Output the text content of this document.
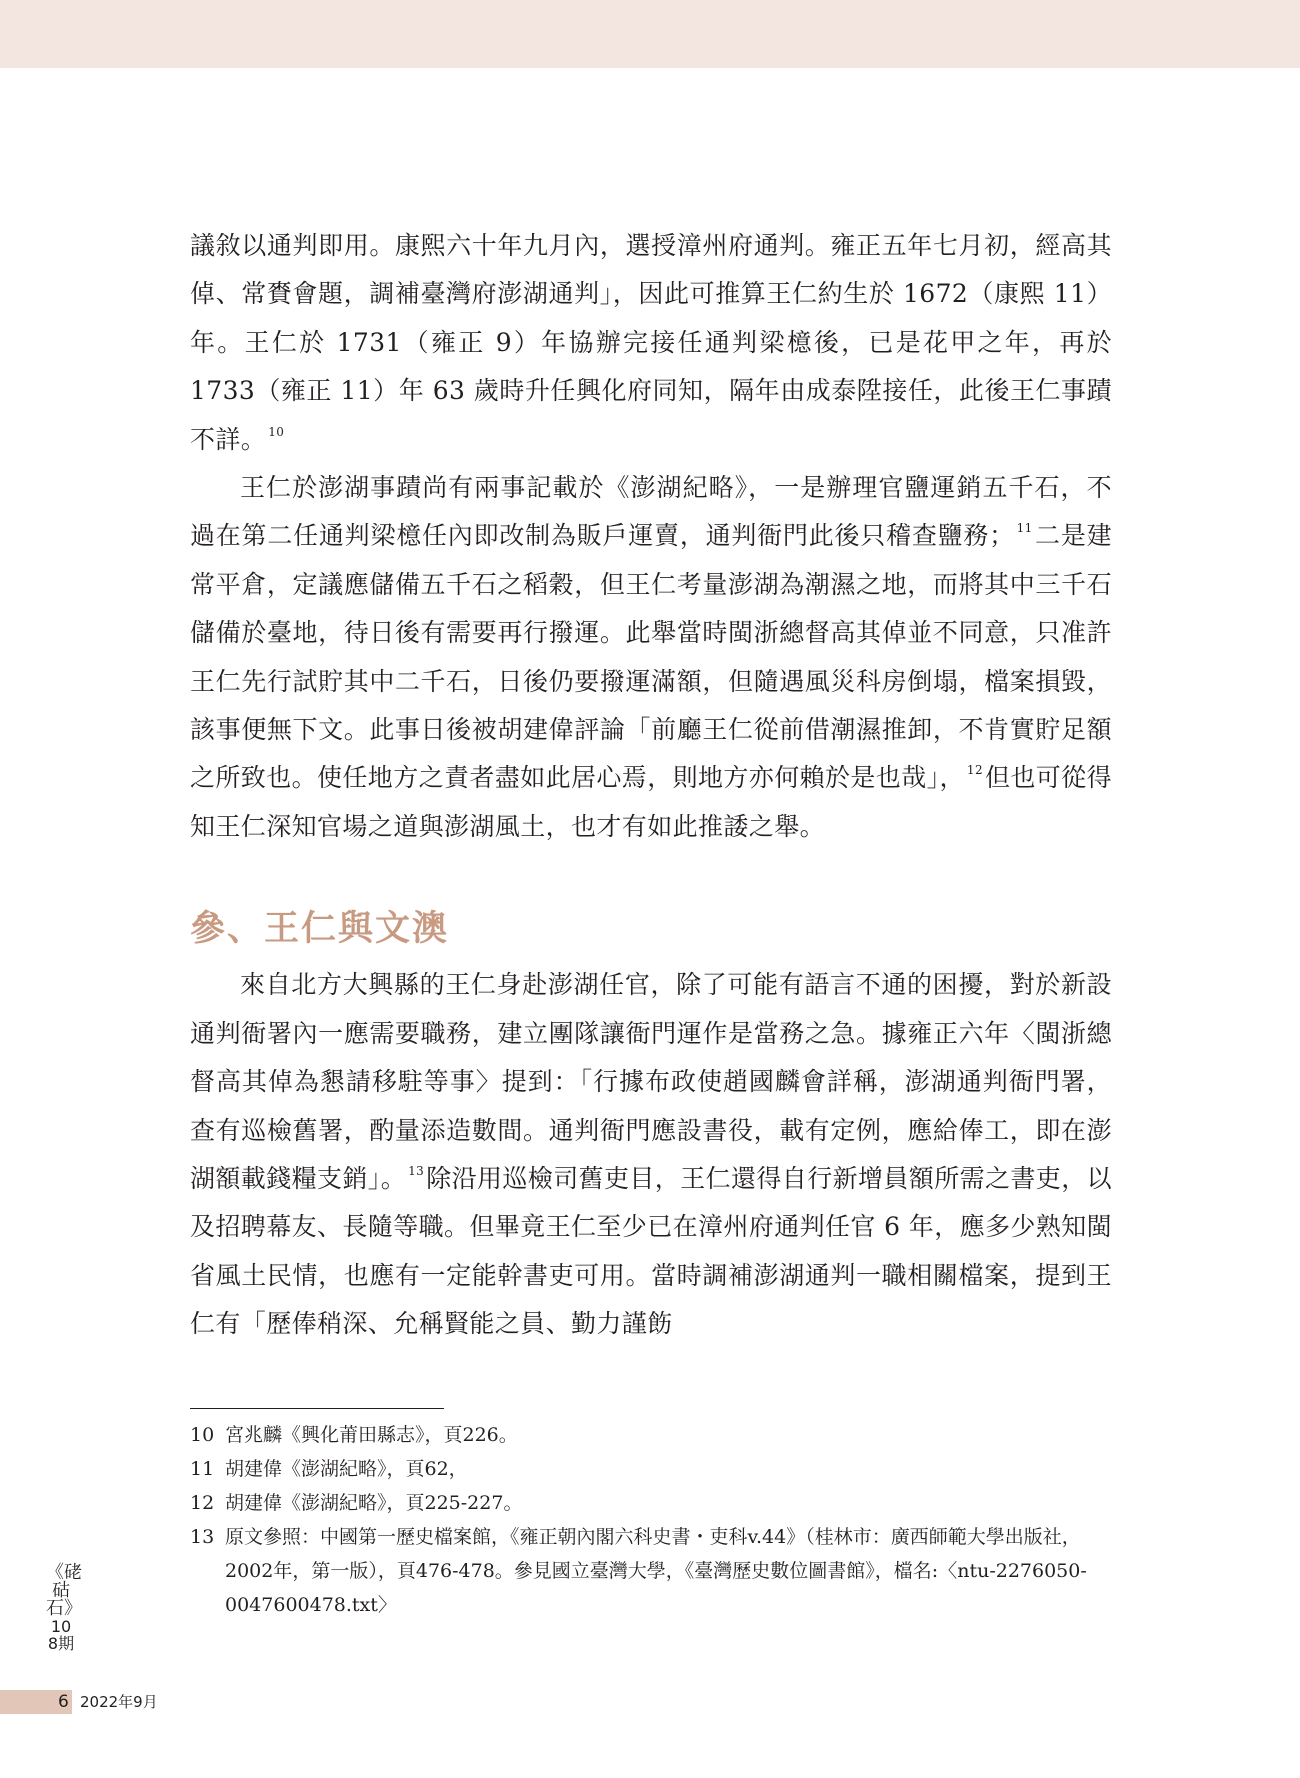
議敘以通判即用。康熙六十年九月內，選授漳州府通判。雍正五年七月初，經高其倬、常賚會題，調補臺灣府澎湖通判」，因此可推算王仁約生於 1672（康熙 11）年。王仁於 1731（雍正 9）年協辦完接任通判梁檍後，已是花甲之年，再於 1733（雍正 11）年 63 歲時升任興化府同知，隔年由成泰陞接任，此後王仁事蹟不詳。 $^{10}$

王仁於澎湖事蹟尚有兩事記載於《澎湖紀略》，一是辦理官鹽運銷五千石，不過在第二任通判梁檍任內即改制為販戶運賣，通判衙門此後只稽查鹽務； $^{11}$二是建常平倉，定議應儲備五千石之稻穀，但王仁考量澎湖為潮濕之地，而將其中三千石儲備於臺地，待日後有需要再行撥運。此舉當時閩浙總督高其倬並不同意，只准許王仁先行試貯其中二千石，日後仍要撥運滿額，但隨遇風災科房倒塌，檔案損毀，該事便無下文。此事日後被胡建偉評論「前廳王仁從前借潮濕推卸，不肯實貯足額之所致也。使任地方之責者盡如此居心焉，則地方亦何賴於是也哉」， $^{12}$但也可從得知王仁深知官場之道與澎湖風土，也才有如此推諉之舉。

參、王仁與文澳

來自北方大興縣的王仁身赴澎湖任官，除了可能有語言不通的困擾，對於新設通判衙署內一應需要職務，建立團隊讓衙門運作是當務之急。據雍正六年〈閩浙總督高其倬為懇請移駐等事〉提到：「行據布政使趙國麟會詳稱，澎湖通判衙門署，查有巡檢舊署，酌量添造數間。通判衙門應設書役，載有定例，應給俸工，即在澎湖額載錢糧支銷」。 $^{13}$除沿用巡檢司舊吏目，王仁還得自行新增員額所需之書吏，以及招聘幕友、長隨等職。但畢竟王仁至少已在漳州府通判任官 6 年，應多少熟知閩省風土民情，也應有一定能幹書吏可用。當時調補澎湖通判一職相關檔案，提到王仁有「歷俸稍深、允稱賢能之員、勤力謹飭

10 宮兆麟《興化莆田縣志》，頁226。
11 胡建偉《澎湖紀略》，頁62，
12 胡建偉《澎湖紀略》，頁225-227。
13 原文參照：中國第一歷史檔案館，《雍正朝內閣六科史書・吏科v.44》（桂林市：廣西師範大學出版社，2002年，第一版），頁476-478。參見國立臺灣大學，《臺灣歷史數位圖書館》，檔名:〈ntu-2276050-0047600478.txt〉
《硓𥑮石》
108期
6 2022年9月
